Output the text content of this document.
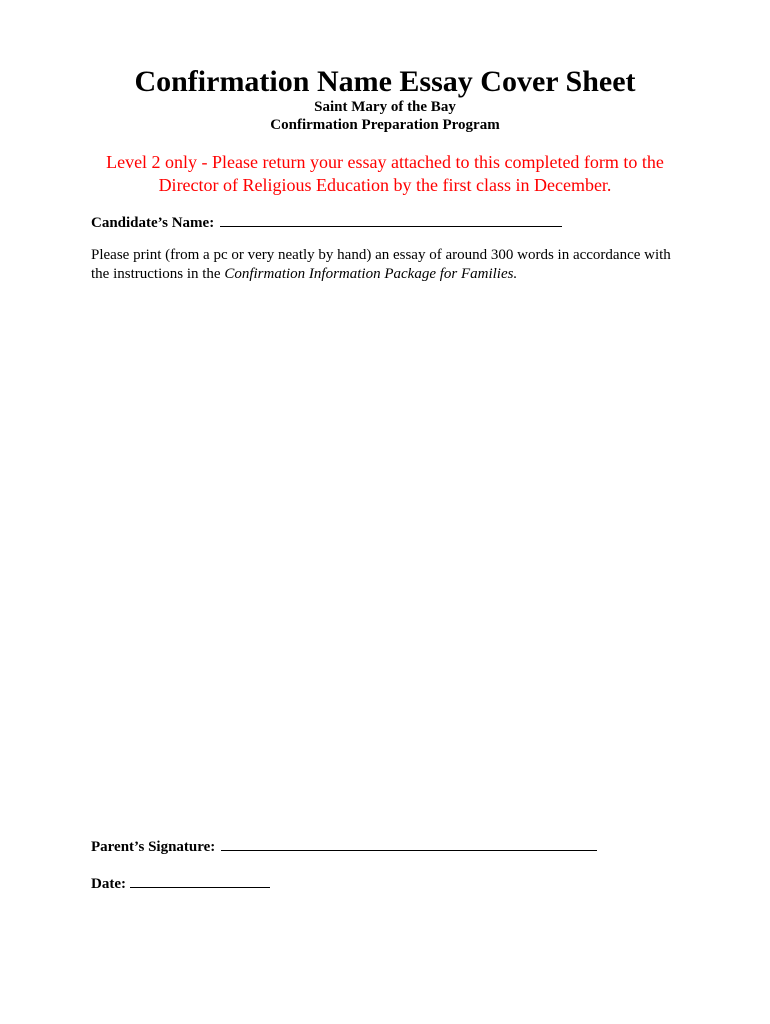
Confirmation Name Essay Cover Sheet
Saint Mary of the Bay
Confirmation Preparation Program
Level 2 only - Please return your essay attached to this completed form to the
Director of Religious Education by the first class in December.
Candidate’s Name:
Please print (from a pc or very neatly by hand) an essay of around 300 words in accordance with
the instructions in the Confirmation Information Package for Families.
Parent’s Signature:
Date:
